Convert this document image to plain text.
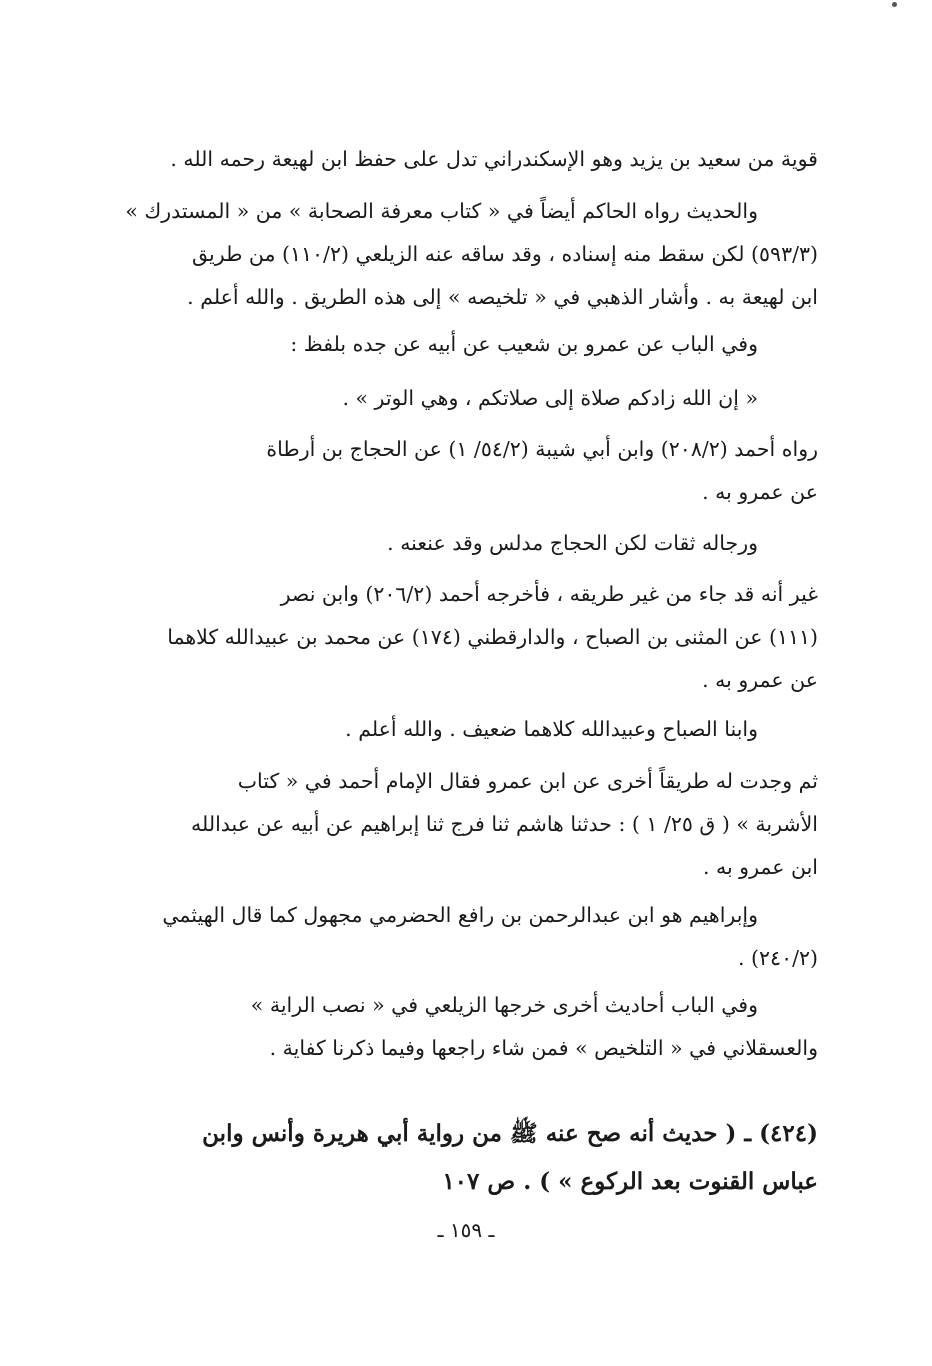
قوية من سعيد بن يزيد وهو الإسكندراني تدل على حفظ ابن لهيعة رحمه الله .
والحديث رواه الحاكم أيضاً في « كتاب معرفة الصحابة » من « المستدرك »
(٥٩٣/٣) لكن سقط منه إسناده ، وقد ساقه عنه الزيلعي (١١٠/٢) من طريق
ابن لهيعة به . وأشار الذهبي في « تلخيصه » إلى هذه الطريق . والله أعلم .
وفي الباب عن عمرو بن شعيب عن أبيه عن جده بلفظ :
« إن الله زادكم صلاة إلى صلاتكم ، وهي الوتر » .
رواه أحمد (٢٠٨/٢) وابن أبي شيبة (٥٤/٢/ ١) عن الحجاج بن أرطاة
عن عمرو به .
ورجاله ثقات لكن الحجاج مدلس وقد عنعنه .
غير أنه قد جاء من غير طريقه ، فأخرجه أحمد (٢٠٦/٢) وابن نصر
(١١١) عن المثنى بن الصباح ، والدارقطني (١٧٤) عن محمد بن عبيدالله كلاهما
عن عمرو به .
وابنا الصباح وعبيدالله كلاهما ضعيف . والله أعلم .
ثم وجدت له طريقاً أخرى عن ابن عمرو فقال الإمام أحمد في « كتاب
الأشربة » ( ق ٢٥/ ١ ) : حدثنا هاشم ثنا فرج ثنا إبراهيم عن أبيه عن عبدالله
ابن عمرو به .
وإبراهيم هو ابن عبدالرحمن بن رافع الحضرمي مجهول كما قال الهيثمي
(٢٤٠/٢) .
وفي الباب أحاديث أخرى خرجها الزيلعي في « نصب الراية »
والعسقلاني في « التلخيص » فمن شاء راجعها وفيما ذكرنا كفاية .
(٤٢٤) ـ ( حديث أنه صح عنه ﷺ من رواية أبي هريرة وأنس وابن
عباس القنوت بعد الركوع » ) . ص ١٠٧
ـ ١٥٩ ـ
